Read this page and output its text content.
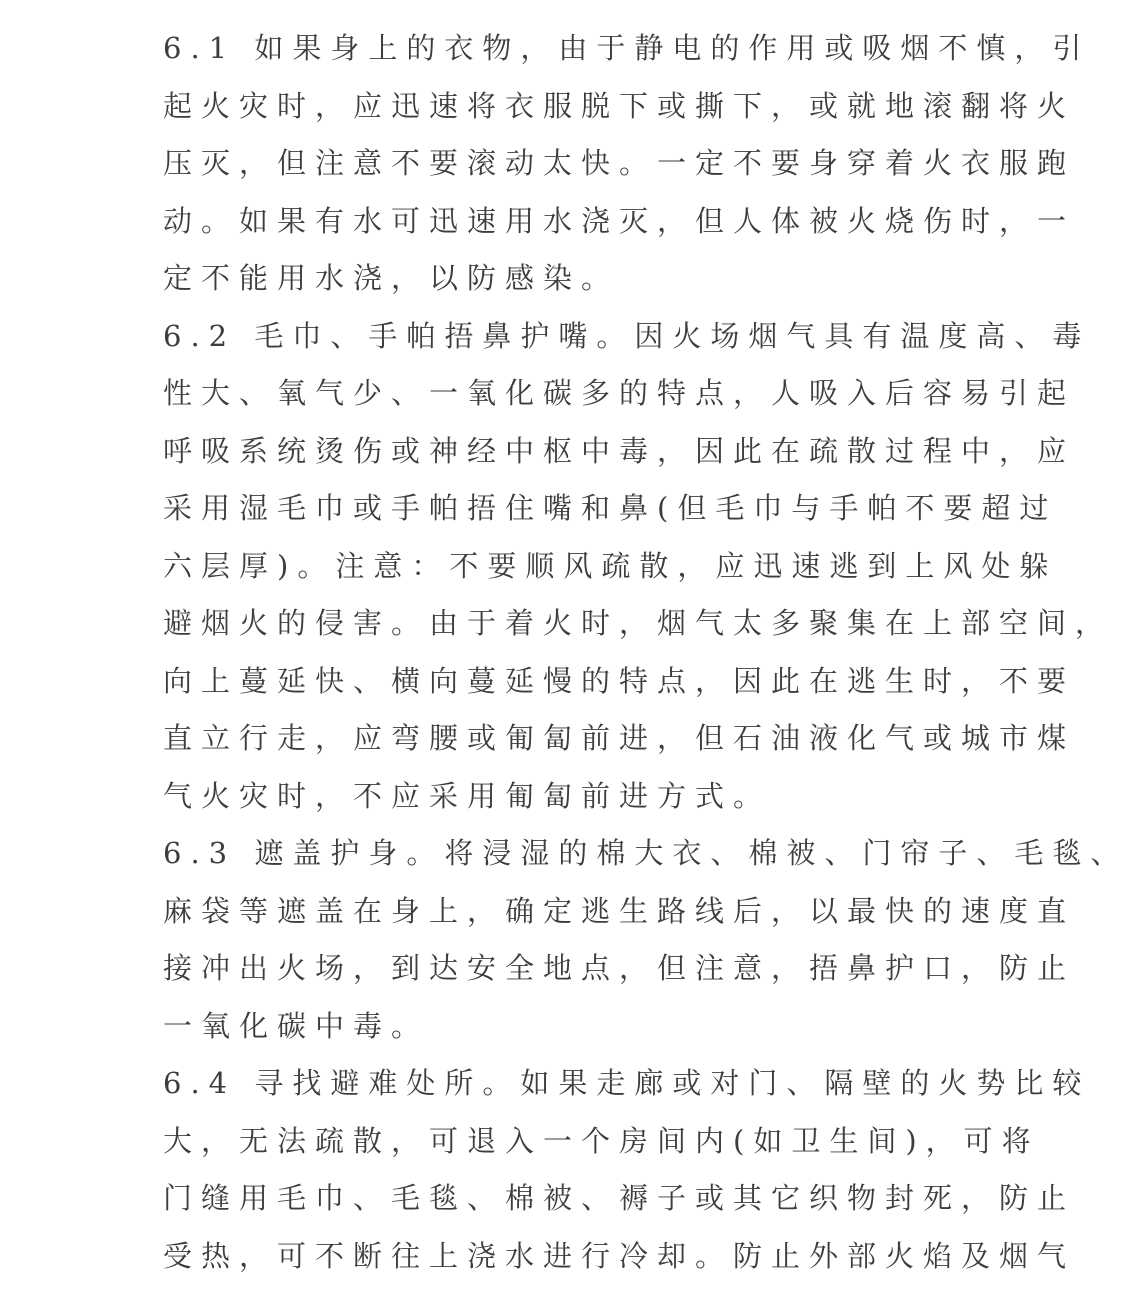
6.1 如果身上的衣物，由于静电的作用或吸烟不慎，引

起火灾时，应迅速将衣服脱下或撕下，或就地滚翻将火

压灭，但注意不要滚动太快。一定不要身穿着火衣服跑

动。如果有水可迅速用水浇灭，但人体被火烧伤时，一

定不能用水浇，以防感染。

6.2 毛巾、手帕捂鼻护嘴。因火场烟气具有温度高、毒

性大、氧气少、一氧化碳多的特点，人吸入后容易引起

呼吸系统烫伤或神经中枢中毒，因此在疏散过程中，应

采用湿毛巾或手帕捂住嘴和鼻(但毛巾与手帕不要超过

六层厚)。注意：不要顺风疏散，应迅速逃到上风处躲

避烟火的侵害。由于着火时，烟气太多聚集在上部空间，

向上蔓延快、横向蔓延慢的特点，因此在逃生时，不要

直立行走，应弯腰或匍匐前进，但石油液化气或城市煤

气火灾时，不应采用匍匐前进方式。

6.3 遮盖护身。将浸湿的棉大衣、棉被、门帘子、毛毯、

麻袋等遮盖在身上，确定逃生路线后，以最快的速度直

接冲出火场，到达安全地点，但注意，捂鼻护口，防止

一氧化碳中毒。

6.4 寻找避难处所。如果走廊或对门、隔壁的火势比较

大，无法疏散，可退入一个房间内(如卫生间)，可将

门缝用毛巾、毛毯、棉被、褥子或其它织物封死，防止

受热，可不断往上浇水进行冷却。防止外部火焰及烟气
